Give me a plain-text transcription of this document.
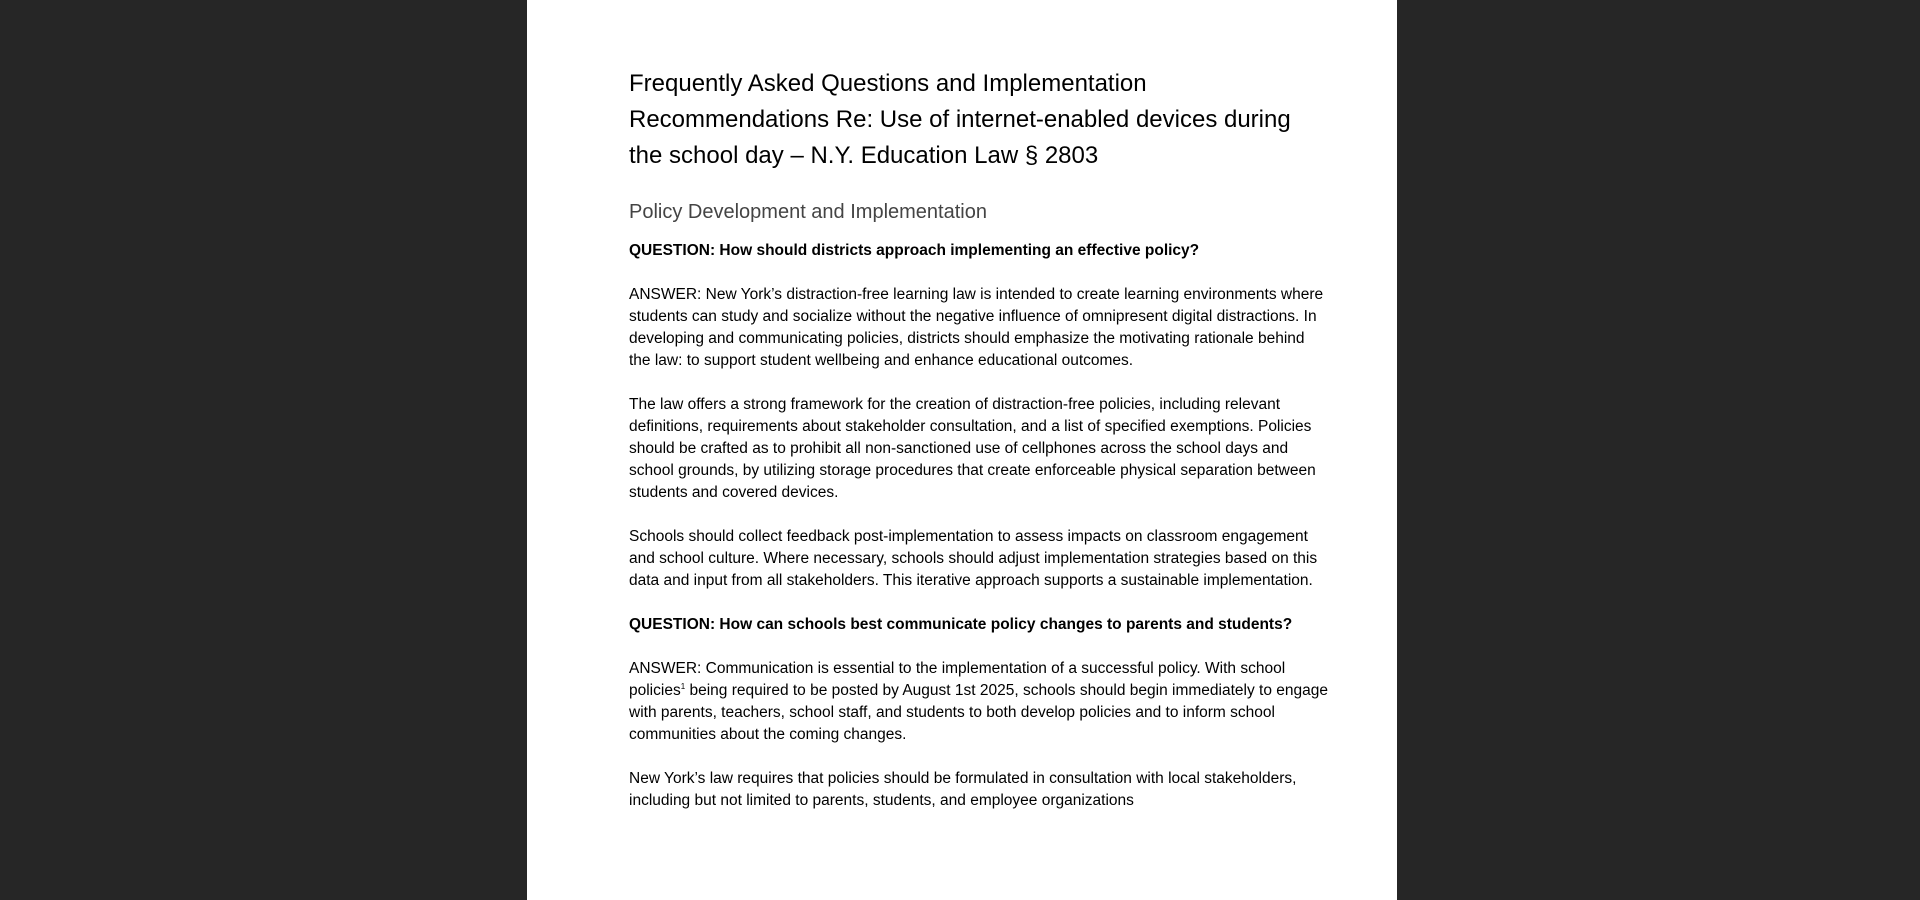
Frequently Asked Questions and Implementation Recommendations Re: Use of internet-enabled devices during the school day – N.Y. Education Law § 2803
Policy Development and Implementation

QUESTION: How should districts approach implementing an effective policy?

ANSWER: New York’s distraction-free learning law is intended to create learning environments where students can study and socialize without the negative influence of omnipresent digital distractions. In developing and communicating policies, districts should emphasize the motivating rationale behind the law: to support student wellbeing and enhance educational outcomes.

The law offers a strong framework for the creation of distraction-free policies, including relevant definitions, requirements about stakeholder consultation, and a list of specified exemptions. Policies should be crafted as to prohibit all non-sanctioned use of cellphones across the school days and school grounds, by utilizing storage procedures that create enforceable physical separation between students and covered devices.

Schools should collect feedback post-implementation to assess impacts on classroom engagement and school culture. Where necessary, schools should adjust implementation strategies based on this data and input from all stakeholders. This iterative approach supports a sustainable implementation.

QUESTION: How can schools best communicate policy changes to parents and students?

ANSWER: Communication is essential to the implementation of a successful policy. With school policies$^1$ being required to be posted by August 1st 2025, schools should begin immediately to engage with parents, teachers, school staff, and students to both develop policies and to inform school communities about the coming changes.

New York’s law requires that policies should be formulated in consultation with local stakeholders, including but not limited to parents, students, and employee organizations
